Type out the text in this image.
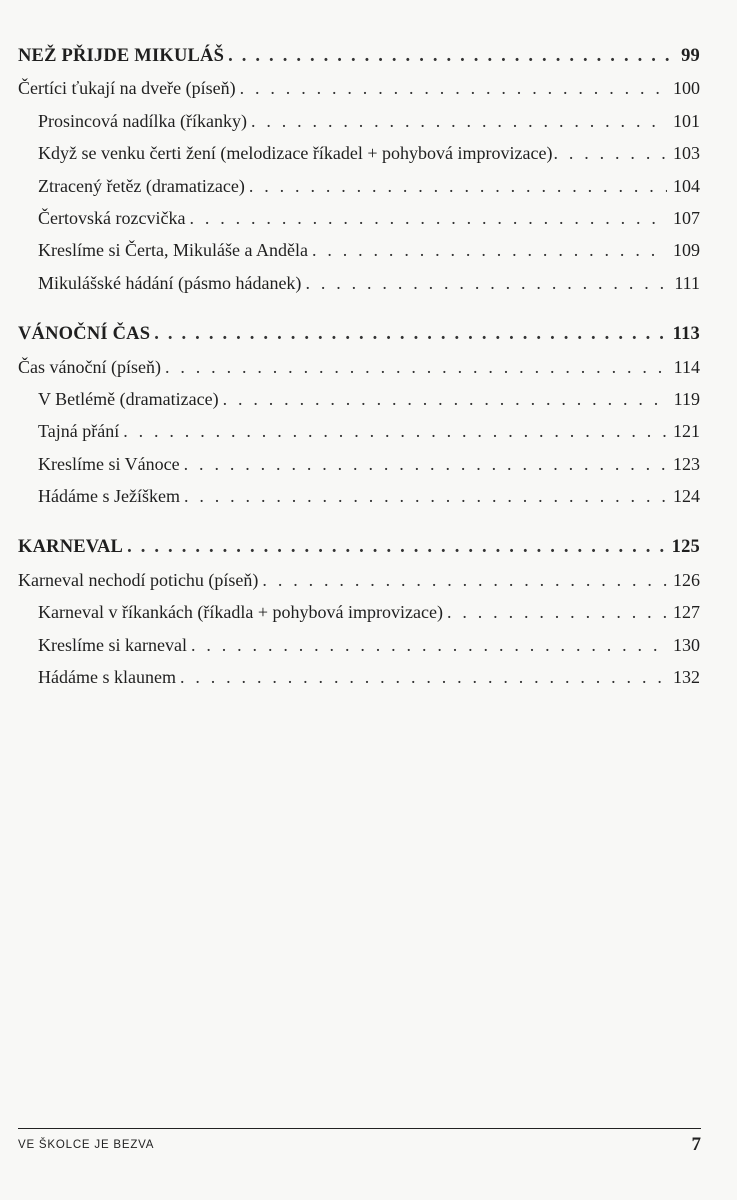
NEŽ PŘIJDE MIKULÁŠ . . .	99
Čertíci ťukají na dveře (píseň) . . .	100
Prosincová nadílka (říkanky) . . .	101
Když se venku čerti žení (melodizace říkadel + pohybová improvizace) . . .	103
Ztracený řetěz (dramatizace) . . .	104
Čertovská rozcvička . . .	107
Kreslíme si Čerta, Mikuláše a Anděla . . .	109
Mikulášské hádání (pásmo hádanek) . . .	111
VÁNOČNÍ ČAS . . .	113
Čas vánoční (píseň) . . .	114
V Betlémě (dramatizace) . . .	119
Tajná přání . . .	121
Kreslíme si Vánoce . . .	123
Hádáme s Ježíškem . . .	124
KARNEVAL . . .	125
Karneval nechodí potichu (píseň) . . .	126
Karneval v říkankách (říkadla + pohybová improvizace) . . .	127
Kreslíme si karneval . . .	130
Hádáme s klaunem . . .	132
VE ŠKOLCE JE BEZVA	7
